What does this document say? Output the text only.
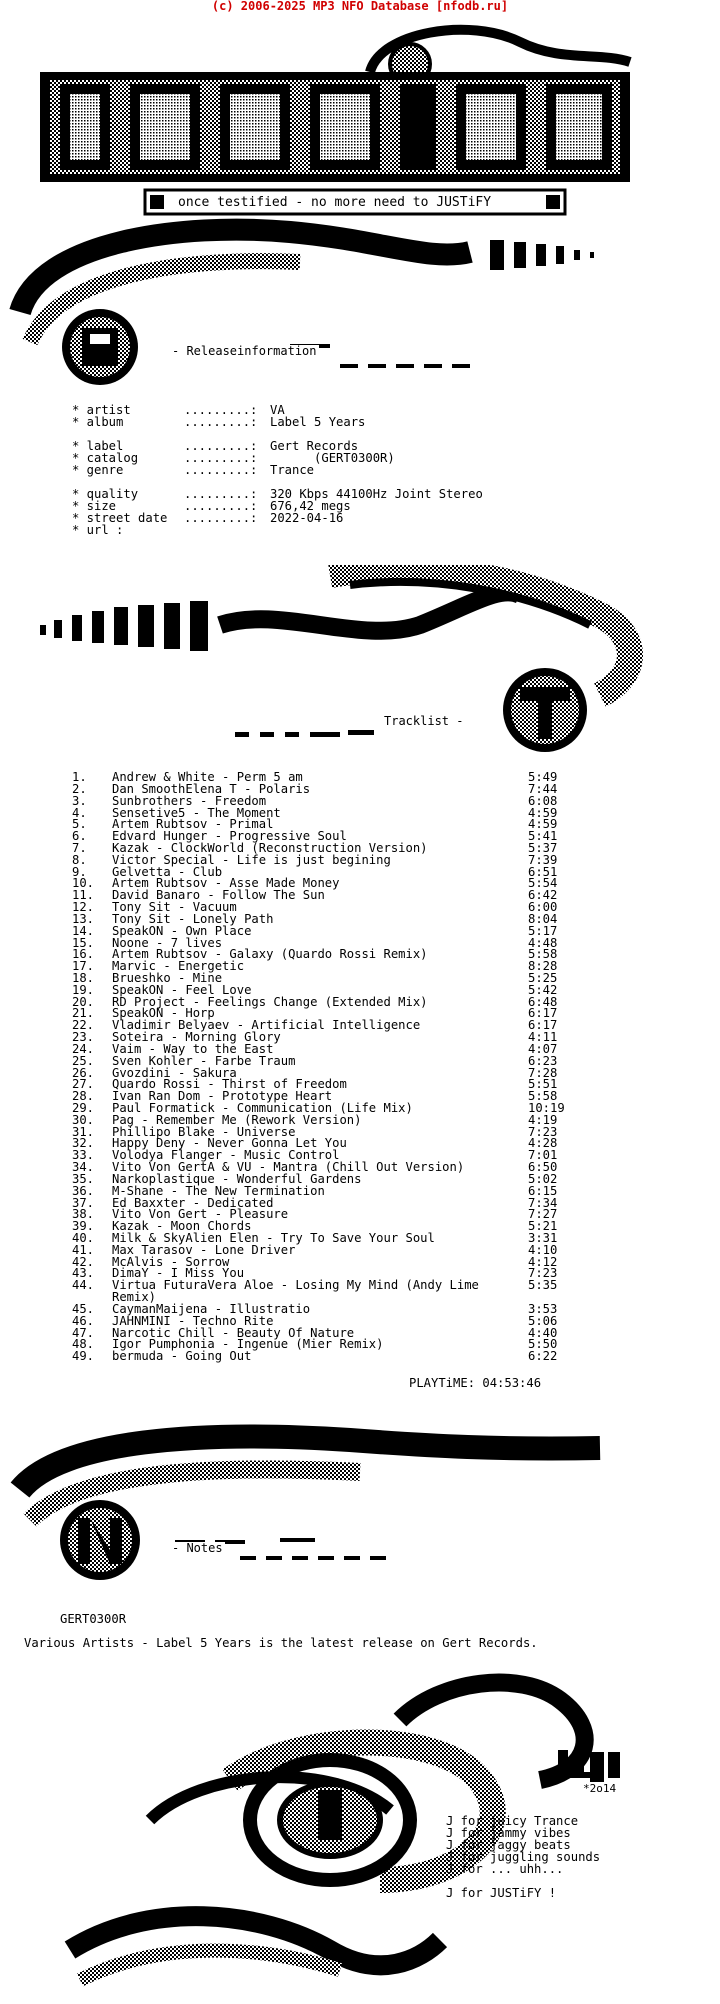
(c) 2006-2025 MP3 NFO Database [nfodb.ru]
once testified - no more need to JUSTiFY
- Releaseinformation
* artist	.........: VA
* album	.........: Label 5 Years
* label	.........: Gert Records
* catalog	.........: (GERT0300R)
* genre	.........: Trance
* quality	.........: 320 Kbps 44100Hz Joint Stereo
* size	.........: 676,42 megs
* street date .........: 2022-04-16
* url :
Tracklist -
1. Andrew & White - Perm 5 am	5:49
2. Dan SmoothElena T - Polaris	7:44
3. Sunbrothers - Freedom	6:08
4. Sensetive5 - The Moment	4:59
5. Artem Rubtsov - Primal	4:59
6. Edvard Hunger - Progressive Soul	5:41
7. Kazak - ClockWorld (Reconstruction Version)	5:37
8. Victor Special - Life is just begining	7:39
9. Gelvetta - Club	6:51
10. Artem Rubtsov - Asse Made Money	5:54
11. David Banaro - Follow The Sun	6:42
12. Tony Sit - Vacuum	6:00
13. Tony Sit - Lonely Path	8:04
14. SpeakON - Own Place	5:17
15. Noone - 7 lives	4:48
16. Artem Rubtsov - Galaxy (Quardo Rossi Remix)	5:58
17. Marvic - Energetic	8:28
18. Brueshko - Mine	5:25
19. SpeakON - Feel Love	5:42
20. RD Project - Feelings Change (Extended Mix)	6:48
21. SpeakON - Horp	6:17
22. Vladimir Belyaev - Artificial Intelligence	6:17
23. Soteira - Morning Glory	4:11
24. Vaim - Way to the East	4:07
25. Sven Kohler - Farbe Traum	6:23
26. Gvozdini - Sakura	7:28
27. Quardo Rossi - Thirst of Freedom	5:51
28. Ivan Ran Dom - Prototype Heart	5:58
29. Paul Formatick - Communication (Life Mix)	10:19
30. Pag - Remember Me (Rework Version)	4:19
31. Phillipo Blake - Universe	7:23
32. Happy Deny - Never Gonna Let You	4:28
33. Volodya Flanger - Music Control	7:01
34. Vito Von GertA & VU - Mantra (Chill Out Version)	6:50
35. Narkoplastique - Wonderful Gardens	5:02
36. M-Shane - The New Termination	6:15
37. Ed Baxxter - Dedicated	7:34
38. Vito Von Gert - Pleasure	7:27
39. Kazak - Moon Chords	5:21
40. Milk & SkyAlien Elen - Try To Save Your Soul	3:31
41. Max Tarasov - Lone Driver	4:10
42. McAlvis - Sorrow	4:12
43. DimaY - I Miss You	7:23
44. Virtua FuturaVera Aloe - Losing My Mind (Andy Lime	5:35
Remix)
45. CaymanMaijena - Illustratio	3:53
46. JAHNMINI - Techno Rite	5:06
47. Narcotic Chill - Beauty Of Nature	4:40
48. Igor Pumphonia - Ingenue (Mier Remix)	5:50
49. bermuda - Going Out	6:22
PLAYTiME: 04:53:46
- Notes
GERT0300R
Various Artists - Label 5 Years is the latest release on Gert Records.
*2o14
J for juicy Trance
J for jammy vibes
J for jaggy beats
J for juggling sounds
J for ... uhh...
J for JUSTiFY !
